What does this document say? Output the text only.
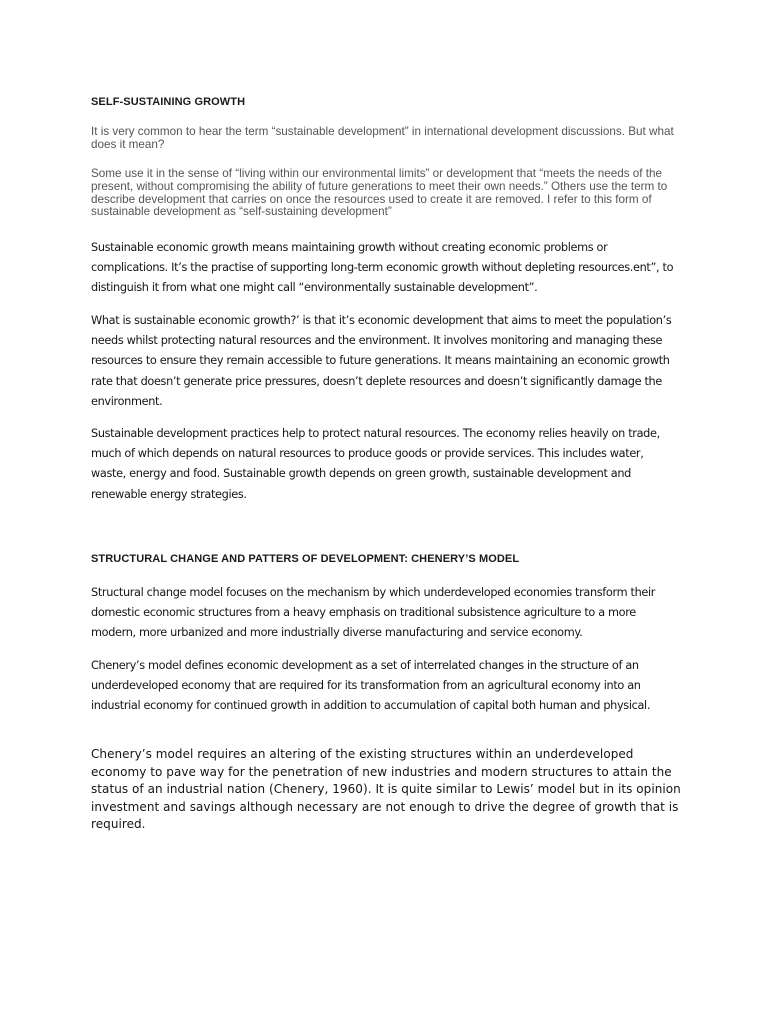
SELF-SUSTAINING GROWTH

It is very common to hear the term “sustainable development” in international development discussions. But what does it mean?

Some use it in the sense of “living within our environmental limits” or development that “meets the needs of the present, without compromising the ability of future generations to meet their own needs.” Others use the term to describe development that carries on once the resources used to create it are removed. I refer to this form of sustainable development as “self-sustaining development”

Sustainable economic growth means maintaining growth without creating economic problems or complications. It’s the practise of supporting long-term economic growth without depleting resources.ent”, to distinguish it from what one might call “environmentally sustainable development”.

What is sustainable economic growth?’ is that it’s economic development that aims to meet the population’s needs whilst protecting natural resources and the environment. It involves monitoring and managing these resources to ensure they remain accessible to future generations. It means maintaining an economic growth rate that doesn’t generate price pressures, doesn’t deplete resources and doesn’t significantly damage the environment.

Sustainable development practices help to protect natural resources. The economy relies heavily on trade, much of which depends on natural resources to produce goods or provide services. This includes water, waste, energy and food. Sustainable growth depends on green growth, sustainable development and renewable energy strategies.

STRUCTURAL CHANGE AND PATTERS OF DEVELOPMENT: CHENERY’S MODEL

Structural change model focuses on the mechanism by which underdeveloped economies transform their domestic economic structures from a heavy emphasis on traditional subsistence agriculture to a more modern, more urbanized and more industrially diverse manufacturing and service economy.

Chenery’s model defines economic development as a set of interrelated changes in the structure of an underdeveloped economy that are required for its transformation from an agricultural economy into an industrial economy for continued growth in addition to accumulation of capital both human and physical.

Chenery’s model requires an altering of the existing structures within an underdeveloped economy to pave way for the penetration of new industries and modern structures to attain the status of an industrial nation (Chenery, 1960). It is quite similar to Lewis’ model but in its opinion investment and savings although necessary are not enough to drive the degree of growth that is required.
